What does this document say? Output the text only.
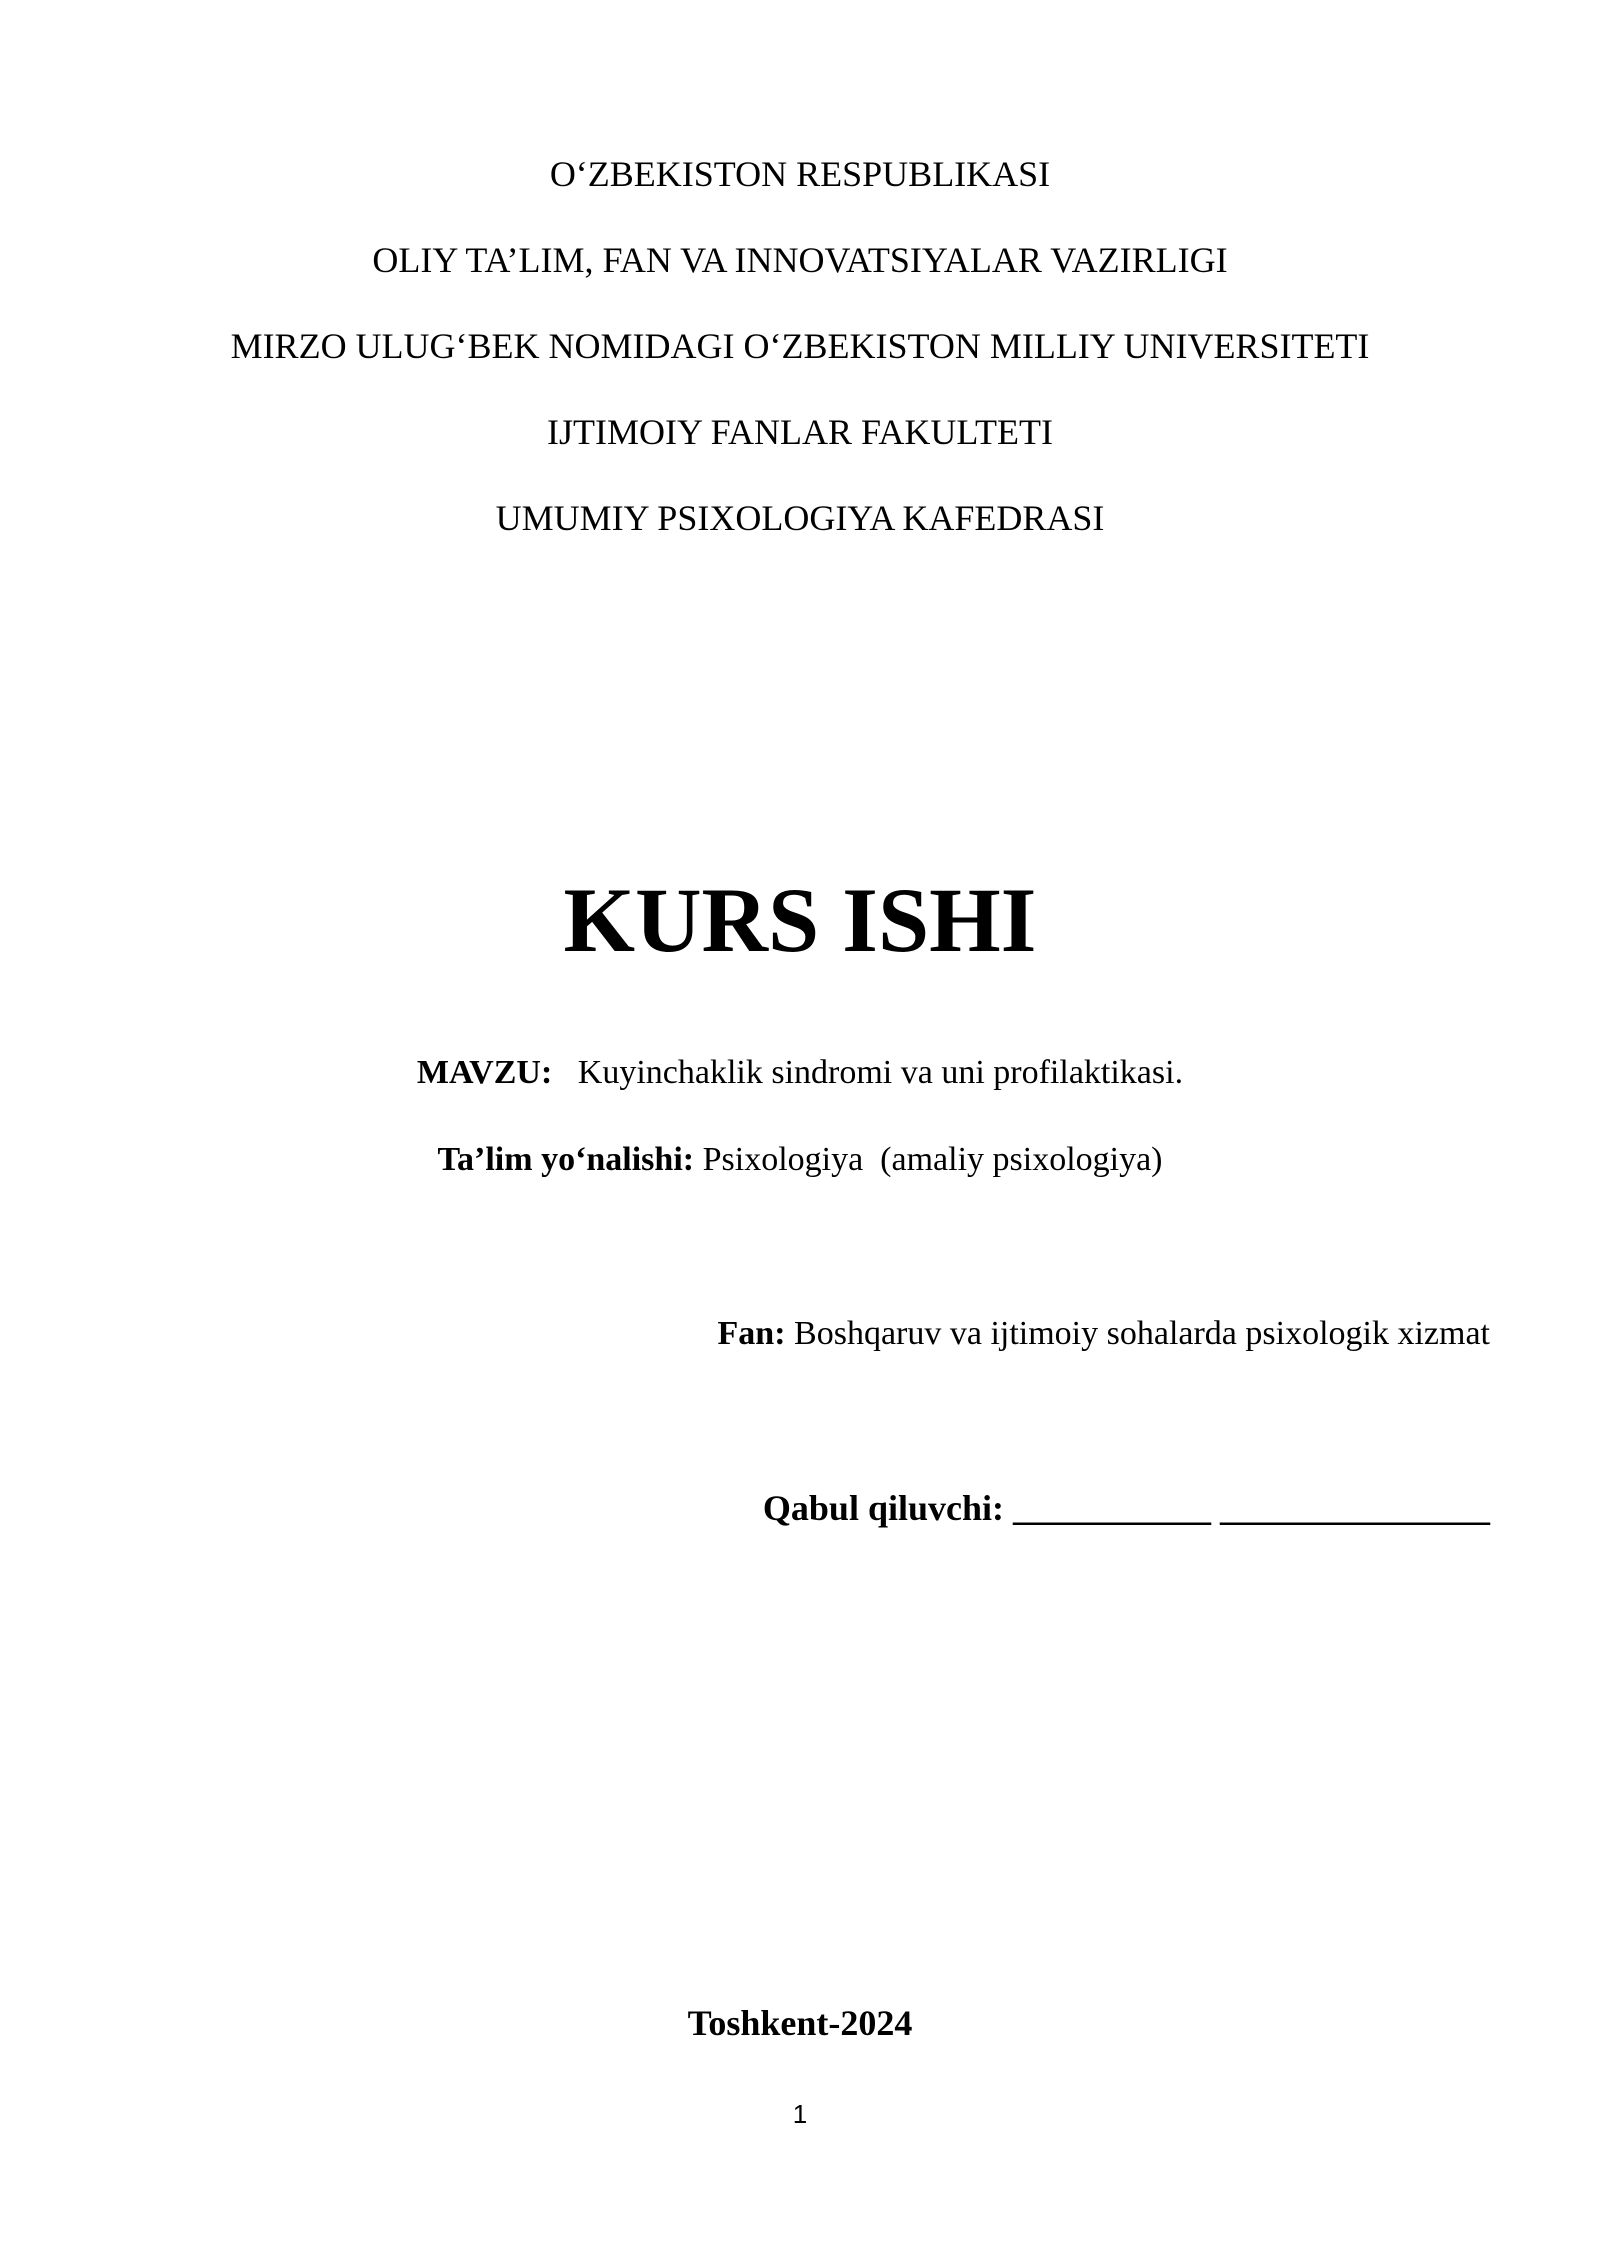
O‘ZBEKISTON RESPUBLIKASI
OLIY TA’LIM, FAN VA INNOVATSIYALAR VAZIRLIGI
MIRZO ULUG‘BEK NOMIDAGI O‘ZBEKISTON MILLIY UNIVERSITETI
IJTIMOIY FANLAR FAKULTETI
UMUMIY PSIXOLOGIYA KAFEDRASI
KURS ISHI
MAVZU: Kuyinchaklik sindromi va uni profilaktikasi.
Ta’lim yo‘nalishi: Psixologiya  (amaliy psixologiya)
Fan: Boshqaruv va ijtimoiy sohalarda psixologik xizmat
Qabul qiluvchi: ___________ _______________
Toshkent-2024
1
